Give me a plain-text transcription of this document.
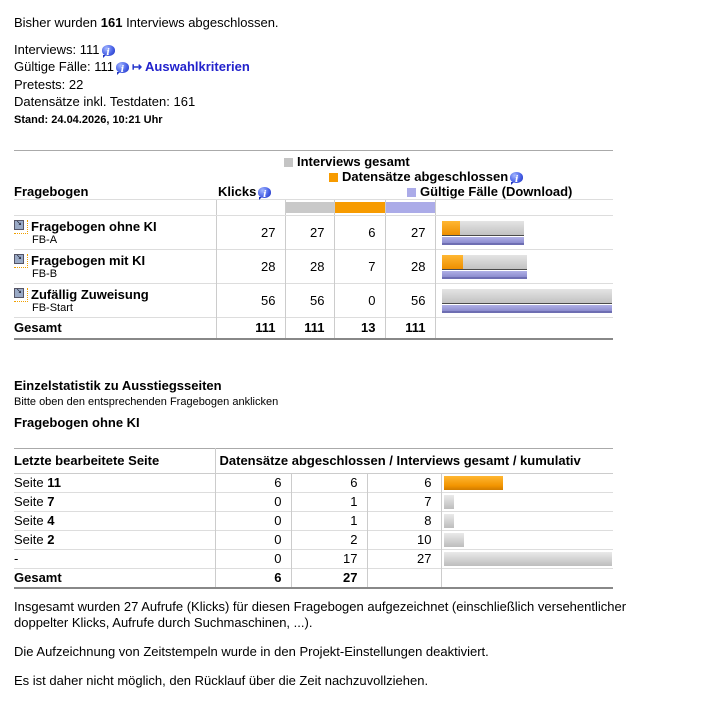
Bisher wurden 161 Interviews abgeschlossen.

Interviews: 111i
Gültige Fälle: 111 i ↦ Auswahlkriterien
Pretests: 22
Datensätze inkl. Testdaten: 161
Stand: 24.04.2026, 10:21 Uhr
Interviews gesamt
Datensätze abgeschlosseni
Fragebogen	Klicks i	Gültige Fälle (Download)

↘
Fragebogen ohne KI
FB-A	27	27	6	27	

↘
Fragebogen mit KI
FB-B	28	28	7	28	

↘
Zufällig Zuweisung
FB-Start	56	56	0	56	

Gesamt	111	111	13	111	
Einzelstatistik zu Ausstiegsseiten
Bitte oben den entsprechenden Fragebogen anklicken
Fragebogen ohne KI
Letzte bearbeitete Seite	Datensätze abgeschlossen / Interviews gesamt / kumulativ			
Seite 11	6	6	6	

Seite 7	0	1	7	

Seite 4	0	1	8	

Seite 2	0	2	10	

-	0	17	27	

Gesamt	6	27		

Insgesamt wurden 27 Aufrufe (Klicks) für diesen Fragebogen aufgezeichnet (einschließlich versehentlicher doppelter Klicks, Aufrufe durch Suchmaschinen, ...).

Die Aufzeichnung von Zeitstempeln wurde in den Projekt-Einstellungen deaktiviert.

Es ist daher nicht möglich, den Rücklauf über die Zeit nachzuvollziehen.
